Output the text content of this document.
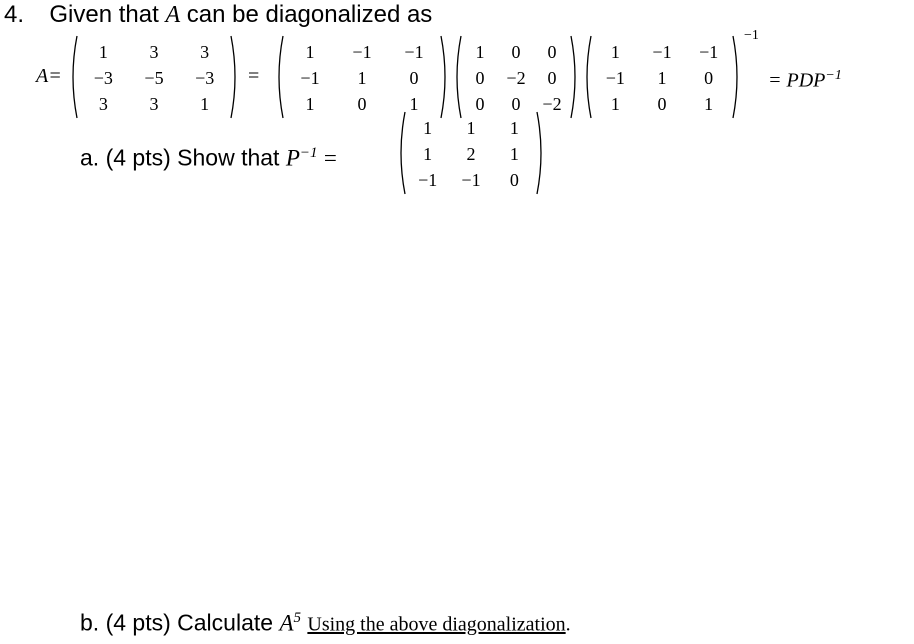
4. Given that A can be diagonalized as
A=
1	3	3
−3	−5	−3
3	3	1
=
1	−1	−1
−1	1	0
1	0	1
1	0	0
0	−2	0
0	0	−2
1	−1	−1
−1	1	0
1	0	1
−1
= $PDP^{-1}$
a. (4 pts) Show that $P^{-1}$ =
1	1	1
1	2	1
−1	−1	0
b. (4 pts) Calculate $A^5$ Using the above diagonalization.
